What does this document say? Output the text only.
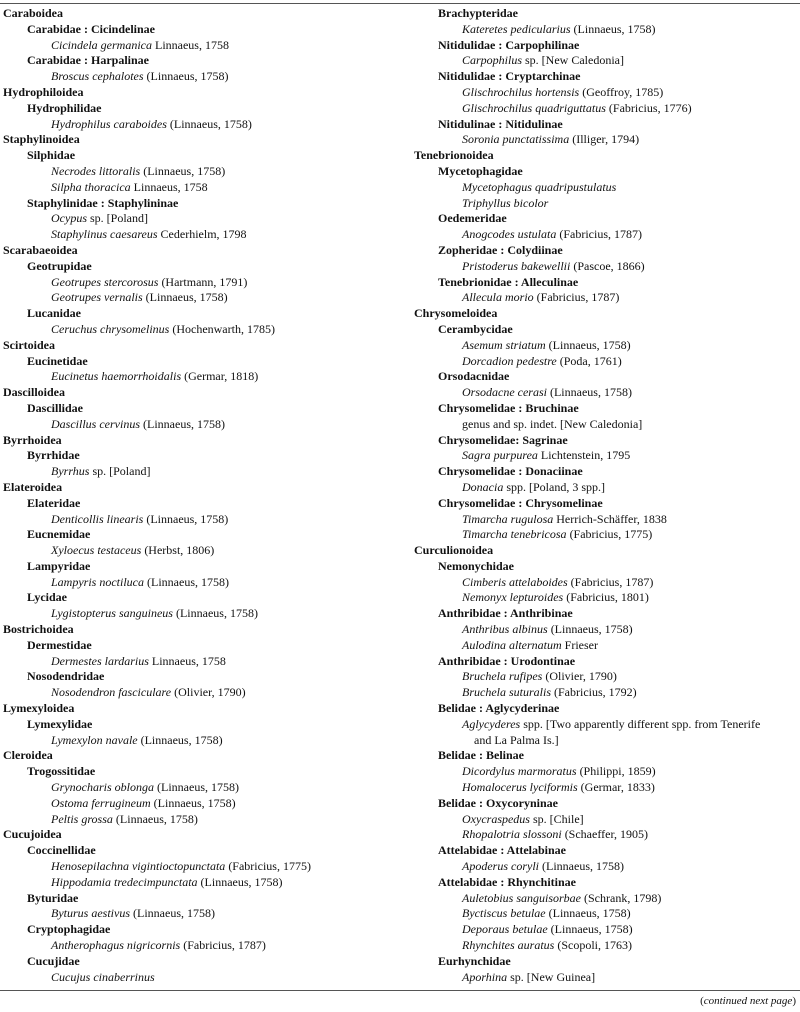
Caraboidea
Carabidae : Cicindelinae
Cicindela germanica Linnaeus, 1758
Carabidae : Harpalinae
Broscus cephalotes (Linnaeus, 1758)
Hydrophiloidea
Hydrophilidae
Hydrophilus caraboides (Linnaeus, 1758)
Staphylinoidea
Silphidae
Necrodes littoralis (Linnaeus, 1758)
Silpha thoracica Linnaeus, 1758
Staphylinidae : Staphylininae
Ocypus sp. [Poland]
Staphylinus caesareus Cederhielm, 1798
Scarabaeoidea
Geotrupidae
Geotrupes stercorosus (Hartmann, 1791)
Geotrupes vernalis (Linnaeus, 1758)
Lucanidae
Ceruchus chrysomelinus (Hochenwarth, 1785)
Scirtoidea
Eucinetidae
Eucinetus haemorrhoidalis (Germar, 1818)
Dascilloidea
Dascillidae
Dascillus cervinus (Linnaeus, 1758)
Byrrhoidea
Byrrhidae
Byrrhus sp. [Poland]
Elateroidea
Elateridae
Denticollis linearis (Linnaeus, 1758)
Eucnemidae
Xyloecus testaceus (Herbst, 1806)
Lampyridae
Lampyris noctiluca (Linnaeus, 1758)
Lycidae
Lygistopterus sanguineus (Linnaeus, 1758)
Bostrichoidea
Dermestidae
Dermestes lardarius Linnaeus, 1758
Nosodendridae
Nosodendron fasciculare (Olivier, 1790)
Lymexyloidea
Lymexylidae
Lymexylon navale (Linnaeus, 1758)
Cleroidea
Trogossitidae
Grynocharis oblonga (Linnaeus, 1758)
Ostoma ferrugineum (Linnaeus, 1758)
Peltis grossa (Linnaeus, 1758)
Cucujoidea
Coccinellidae
Henosepilachna vigintioctopunctata (Fabricius, 1775)
Hippodamia tredecimpunctata (Linnaeus, 1758)
Byturidae
Byturus aestivus (Linnaeus, 1758)
Cryptophagidae
Antherophagus nigricornis (Fabricius, 1787)
Cucujidae
Cucujus cinaberrinus
Brachypteridae
Kateretes pedicularius (Linnaeus, 1758)
Nitidulidae : Carpophilinae
Carpophilus sp. [New Caledonia]
Nitidulidae : Cryptarchinae
Glischrochilus hortensis (Geoffroy, 1785)
Glischrochilus quadriguttatus (Fabricius, 1776)
Nitidulinae : Nitidulinae
Soronia punctatissima (Illiger, 1794)
Tenebrionoidea
Mycetophagidae
Mycetophagus quadripustulatus
Triphyllus bicolor
Oedemeridae
Anogcodes ustulata (Fabricius, 1787)
Zopheridae : Colydiinae
Pristoderus bakewellii (Pascoe, 1866)
Tenebrionidae : Alleculinae
Allecula morio (Fabricius, 1787)
Chrysomeloidea
Cerambycidae
Asemum striatum (Linnaeus, 1758)
Dorcadion pedestre (Poda, 1761)
Orsodacnidae
Orsodacne cerasi (Linnaeus, 1758)
Chrysomelidae : Bruchinae
genus and sp. indet. [New Caledonia]
Chrysomelidae: Sagrinae
Sagra purpurea Lichtenstein, 1795
Chrysomelidae : Donaciinae
Donacia spp. [Poland, 3 spp.]
Chrysomelidae : Chrysomelinae
Timarcha rugulosa Herrich-Schäffer, 1838
Timarcha tenebricosa (Fabricius, 1775)
Curculionoidea
Nemonychidae
Cimberis attelaboides (Fabricius, 1787)
Nemonyx lepturoides (Fabricius, 1801)
Anthribidae : Anthribinae
Anthribus albinus (Linnaeus, 1758)
Aulodina alternatum Frieser
Anthribidae : Urodontinae
Bruchela rufipes (Olivier, 1790)
Bruchela suturalis (Fabricius, 1792)
Belidae : Aglycyderinae
Aglycyderes spp. [Two apparently different spp. from Tenerife
and La Palma Is.]
Belidae : Belinae
Dicordylus marmoratus (Philippi, 1859)
Homalocerus lyciformis (Germar, 1833)
Belidae : Oxycoryninae
Oxycraspedus sp. [Chile]
Rhopalotria slossoni (Schaeffer, 1905)
Attelabidae : Attelabinae
Apoderus coryli (Linnaeus, 1758)
Attelabidae : Rhynchitinae
Auletobius sanguisorbae (Schrank, 1798)
Byctiscus betulae (Linnaeus, 1758)
Deporaus betulae (Linnaeus, 1758)
Rhynchites auratus (Scopoli, 1763)
Eurhynchidae
Aporhina sp. [New Guinea]
(continued next page)
